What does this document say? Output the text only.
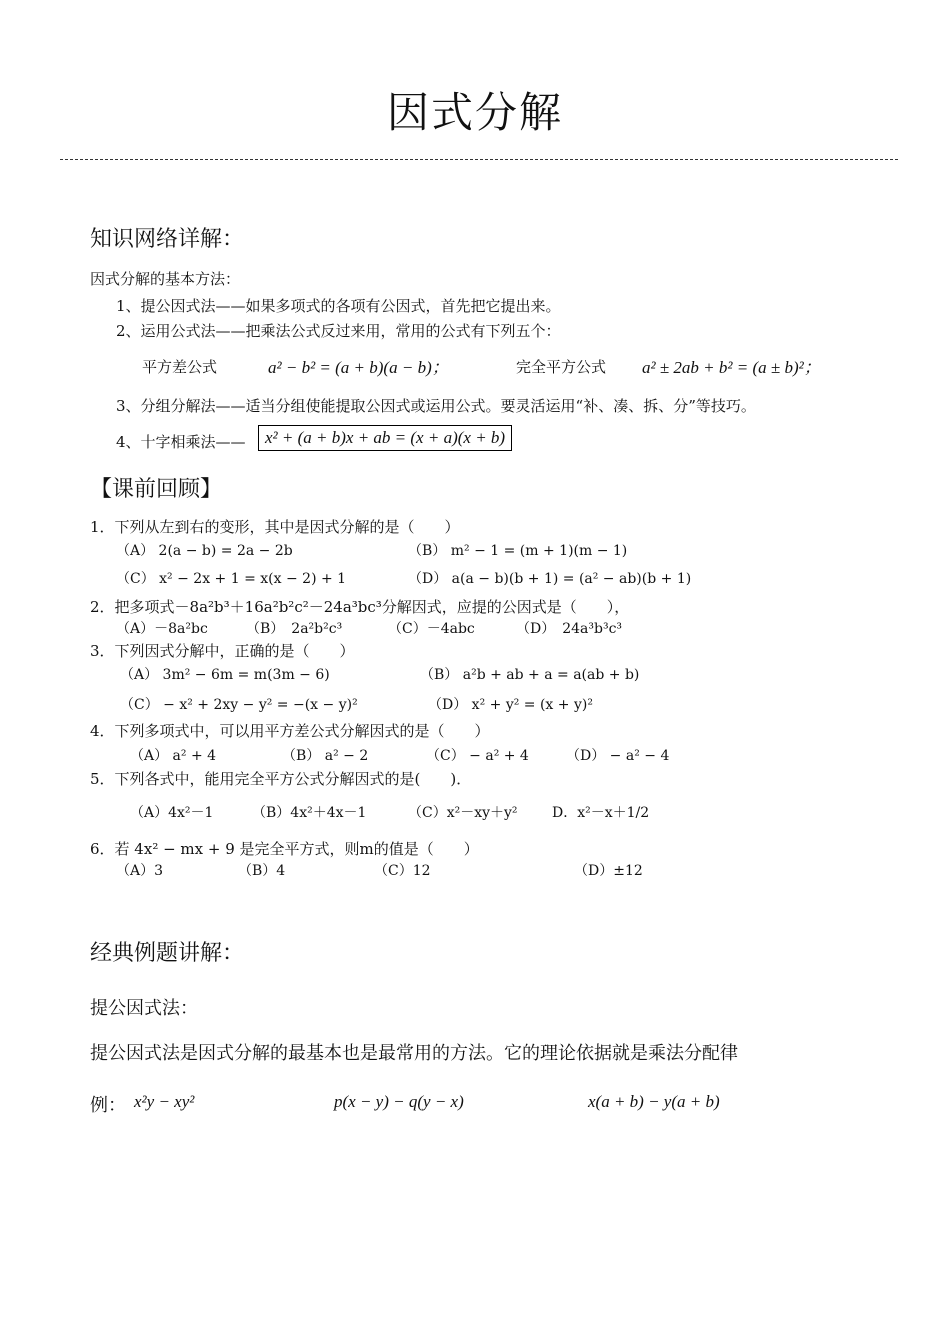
因式分解
知识网络详解：
因式分解的基本方法：
1、提公因式法——如果多项式的各项有公因式，首先把它提出来。
2、运用公式法——把乘法公式反过来用，常用的公式有下列五个：
平方差公式	a² − b² = (a + b)(a − b)；	完全平方公式 a² ± 2ab + b² = (a ± b)²；
3、分组分解法——适当分组使能提取公因式或运用公式。要灵活运用“补、凑、拆、分”等技巧。
4、十字相乘法——	x² + (a + b)x + ab = (x + a)(x + b)
【课前回顾】
1．下列从左到右的变形，其中是因式分解的是（　　）
（A） 2(a − b) = 2a − 2b	（B） m² − 1 = (m + 1)(m − 1)
（C） x² − 2x + 1 = x(x − 2) + 1	（D） a(a − b)(b + 1) = (a² − ab)(b + 1)
2．把多项式－8a²b³＋16a²b²c²－24a³bc³分解因式，应提的公因式是（　　），
（A）－8a²bc	（B）　2a²b²c³	（C）－4abc	（D）　24a³b³c³
3．下列因式分解中，正确的是（　　）
（A） 3m² − 6m = m(3m − 6)	（B） a²b + ab + a = a(ab + b)
（C） − x² + 2xy − y² = −(x − y)²	（D） x² + y² = (x + y)²
4．下列多项式中，可以用平方差公式分解因式的是（　　）
（A） a² + 4	（B） a² − 2	（C） − a² + 4	（D） − a² − 4
5．下列各式中，能用完全平方公式分解因式的是(　　)．
（A）4x²－1	（B）4x²＋4x－1	（C）x²－xy＋y² D．x²－x＋1/2
6．若 4x² − mx + 9 是完全平方式，则m的值是（　　）
（A）3	（B）4	（C）12	（D）±12
经典例题讲解：
提公因式法：
提公因式法是因式分解的最基本也是最常用的方法。它的理论依据就是乘法分配律
例： x²y − xy²	p(x − y) − q(y − x)	x(a + b) − y(a + b)
